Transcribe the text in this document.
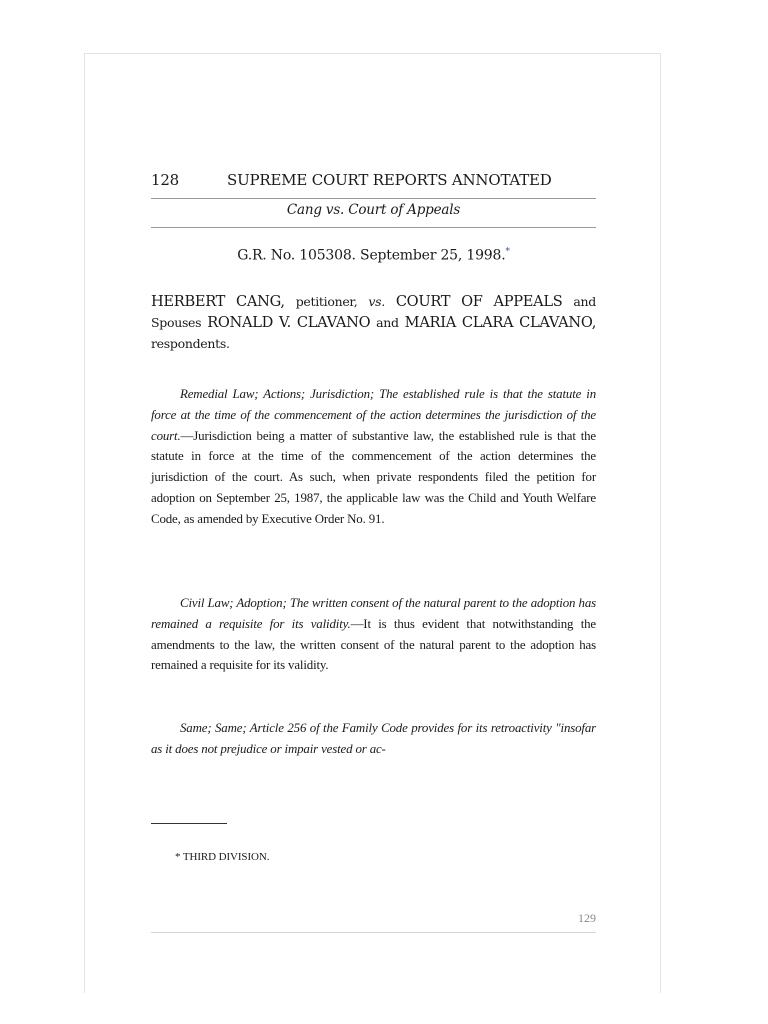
128	SUPREME COURT REPORTS ANNOTATED
Cang vs. Court of Appeals
G.R. No. 105308. September 25, 1998.*
HERBERT CANG, petitioner, vs. COURT OF APPEALS and Spouses RONALD V. CLAVANO and MARIA CLARA CLAVANO, respondents.

Remedial Law; Actions; Jurisdiction; The established rule is that the statute in force at the time of the commencement of the action determines the jurisdiction of the court.—Jurisdiction being a matter of substantive law, the established rule is that the statute in force at the time of the commencement of the action determines the jurisdiction of the court. As such, when private respondents filed the petition for adoption on September 25, 1987, the applicable law was the Child and Youth Welfare Code, as amended by Executive Order No. 91.

Civil Law; Adoption; The written consent of the natural parent to the adoption has remained a requisite for its validity.—It is thus evident that notwithstanding the amendments to the law, the written consent of the natural parent to the adoption has remained a requisite for its validity.

Same; Same; Article 256 of the Family Code provides for its retroactivity "insofar as it does not prejudice or impair vested or ac-

* THIRD DIVISION.
129
